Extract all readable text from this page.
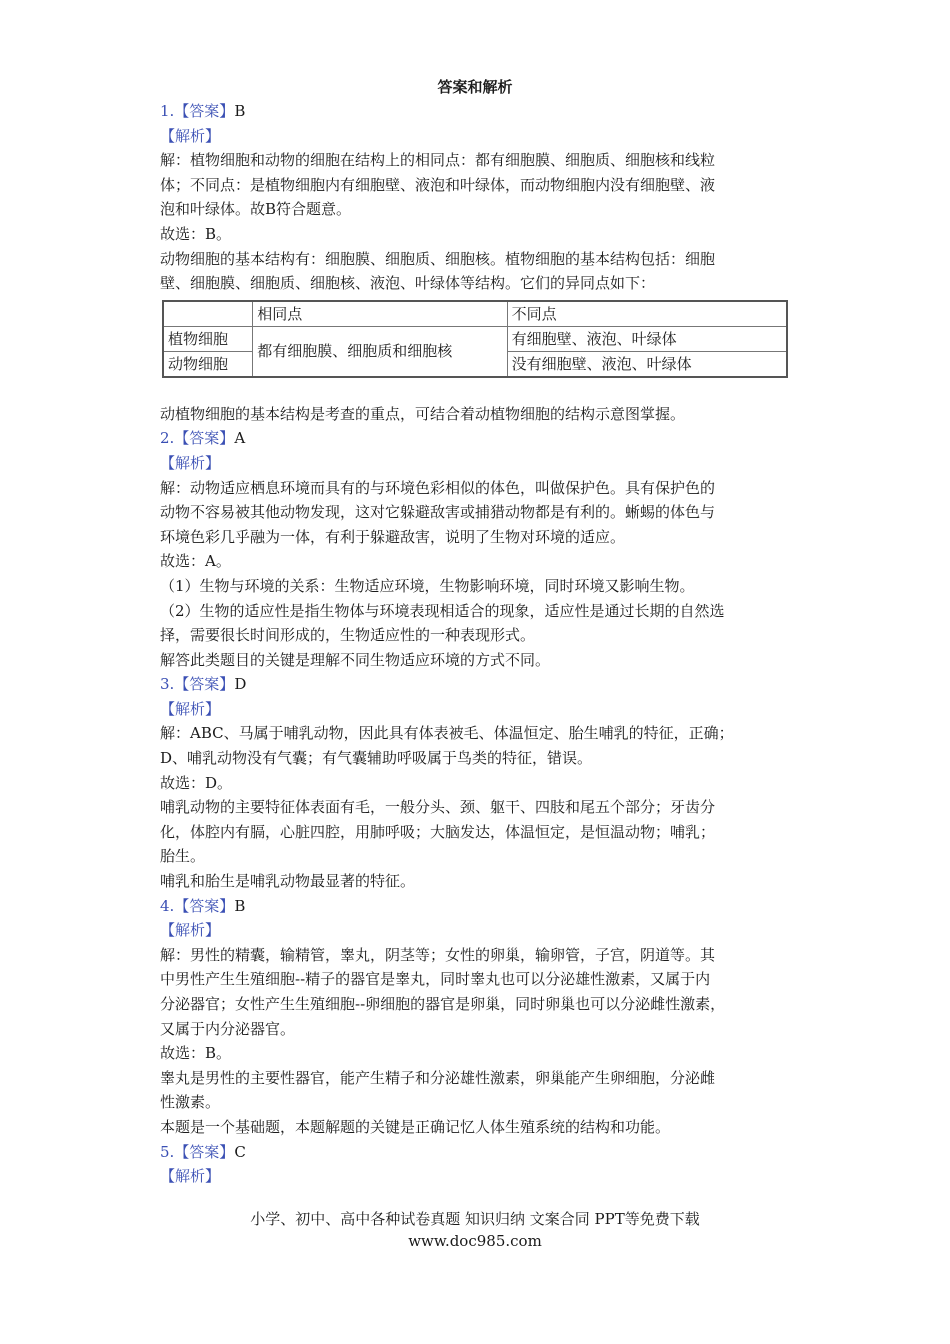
答案和解析

1.【答案】B

【解析】

解：植物细胞和动物的细胞在结构上的相同点：都有细胞膜、细胞质、细胞核和线粒

体；不同点：是植物细胞内有细胞壁、液泡和叶绿体，而动物细胞内没有细胞壁、液

泡和叶绿体。故B符合题意。

故选：B。

动物细胞的基本结构有：细胞膜、细胞质、细胞核。植物细胞的基本结构包括：细胞

壁、细胞膜、细胞质、细胞核、液泡、叶绿体等结构。它们的异同点如下：

	相同点	不同点
植物细胞	都有细胞膜、细胞质和细胞核	有细胞壁、液泡、叶绿体
动物细胞		没有细胞壁、液泡、叶绿体

动植物细胞的基本结构是考查的重点，可结合着动植物细胞的结构示意图掌握。

2.【答案】A

【解析】

解：动物适应栖息环境而具有的与环境色彩相似的体色，叫做保护色。具有保护色的

动物不容易被其他动物发现，这对它躲避敌害或捕猎动物都是有利的。蜥蜴的体色与

环境色彩几乎融为一体，有利于躲避敌害，说明了生物对环境的适应。

故选：A。

（1）生物与环境的关系：生物适应环境，生物影响环境，同时环境又影响生物。

（2）生物的适应性是指生物体与环境表现相适合的现象，适应性是通过长期的自然选

择，需要很长时间形成的，生物适应性的一种表现形式。

解答此类题目的关键是理解不同生物适应环境的方式不同。

3.【答案】D

【解析】

解：ABC、马属于哺乳动物，因此具有体表被毛、体温恒定、胎生哺乳的特征，正确；

D、哺乳动物没有气囊；有气囊辅助呼吸属于鸟类的特征，错误。

故选：D。

哺乳动物的主要特征体表面有毛，一般分头、颈、躯干、四肢和尾五个部分；牙齿分

化，体腔内有膈，心脏四腔，用肺呼吸；大脑发达，体温恒定，是恒温动物；哺乳；

胎生。

哺乳和胎生是哺乳动物最显著的特征。

4.【答案】B

【解析】

解：男性的精囊，输精管，睾丸，阴茎等；女性的卵巢，输卵管，子宫，阴道等。其

中男性产生生殖细胞--精子的器官是睾丸，同时睾丸也可以分泌雄性激素，又属于内

分泌器官；女性产生生殖细胞--卵细胞的器官是卵巢，同时卵巢也可以分泌雌性激素，

又属于内分泌器官。

故选：B。

睾丸是男性的主要性器官，能产生精子和分泌雄性激素，卵巢能产生卵细胞，分泌雌

性激素。

本题是一个基础题，本题解题的关键是正确记忆人体生殖系统的结构和功能。

5.【答案】C

【解析】

小学、初中、高中各种试卷真题 知识归纳 文案合同 PPT等免费下载
www.doc985.com
